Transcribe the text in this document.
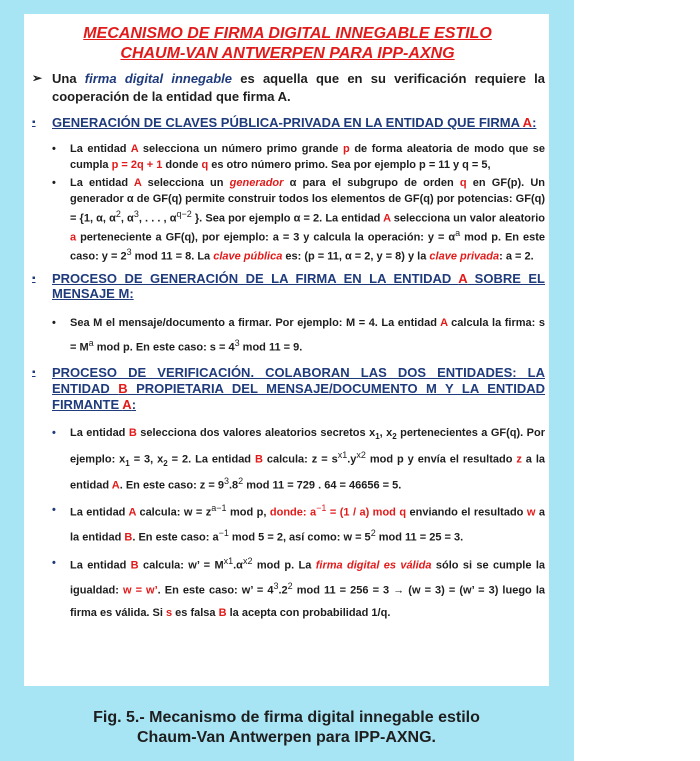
MECANISMO DE FIRMA DIGITAL INNEGABLE ESTILO
CHAUM-VAN ANTWERPEN PARA IPP-AXNG
➢ Una firma digital innegable es aquella que en su verificación requiere la cooperación de la entidad que firma A.
▪	GENERACIÓN DE CLAVES PÚBLICA-PRIVADA EN LA ENTIDAD QUE FIRMA A:
•	La entidad A selecciona un número primo grande p de forma aleatoria de modo que se cumpla p = 2q + 1 donde q es otro número primo. Sea por ejemplo p = 11 y q = 5,
•	La entidad A selecciona un generador α para el subgrupo de orden q en GF(p). Un generador α de GF(q) permite construir todos los elementos de GF(q) por potencias: GF(q) = {1, α, $\alpha^2$, $\alpha^3$, . . . , $\alpha^{q-2}$ }. Sea por ejemplo α = 2. La entidad A selecciona un valor aleatorio a perteneciente a GF(q), por ejemplo: a = 3 y calcula la operación: $y = \alpha^a$ mod p. En este caso: $y = 2^3$ mod 11 = 8. La clave pública es: (p = 11, α = 2, y = 8) y la clave privada: a = 2.
▪	PROCESO DE GENERACIÓN DE LA FIRMA EN LA ENTIDAD A SOBRE EL MENSAJE M:
•	Sea M el mensaje/documento a firmar. Por ejemplo: M = 4. La entidad A calcula la firma: $s = M^a$ mod p. En este caso: $s = 4^3$ mod 11 = 9.
▪	PROCESO DE VERIFICACIÓN. COLABORAN LAS DOS ENTIDADES: LA ENTIDAD B PROPIETARIA DEL MENSAJE/DOCUMENTO M Y LA ENTIDAD FIRMANTE A:
•	La entidad B selecciona dos valores aleatorios secretos $x_1$, $x_2$ pertenecientes a GF(q). Por ejemplo: $x_1 = 3$, $x_2 = 2$. La entidad B calcula: $z = s^{x1}.y^{x2}$ mod p y envía el resultado z a la entidad A. En este caso: $z = 9^3.8^2$ mod 11 = 729 . 64 = 46656 = 5.
•	La entidad A calcula: $w = z^{a-1}$ mod p, donde: $a^{-1} = (1 / a)$ mod q enviando el resultado w a la entidad B. En este caso: $a^{-1}$ mod 5 = 2, así como: $w = 5^2$ mod 11 = 25 = 3.
•	La entidad B calcula: w’ = $M^{x1}.\alpha^{x2}$ mod p. La firma digital es válida sólo si se cumple la igualdad: w = w’. En este caso: w’ = $4^3.2^2$ mod 11 = 256 = 3 → (w = 3) = (w’ = 3) luego la firma es válida. Si s es falsa B la acepta con probabilidad 1/q.
Fig. 5.- Mecanismo de firma digital innegable estilo
Chaum-Van Antwerpen para IPP-AXNG.
